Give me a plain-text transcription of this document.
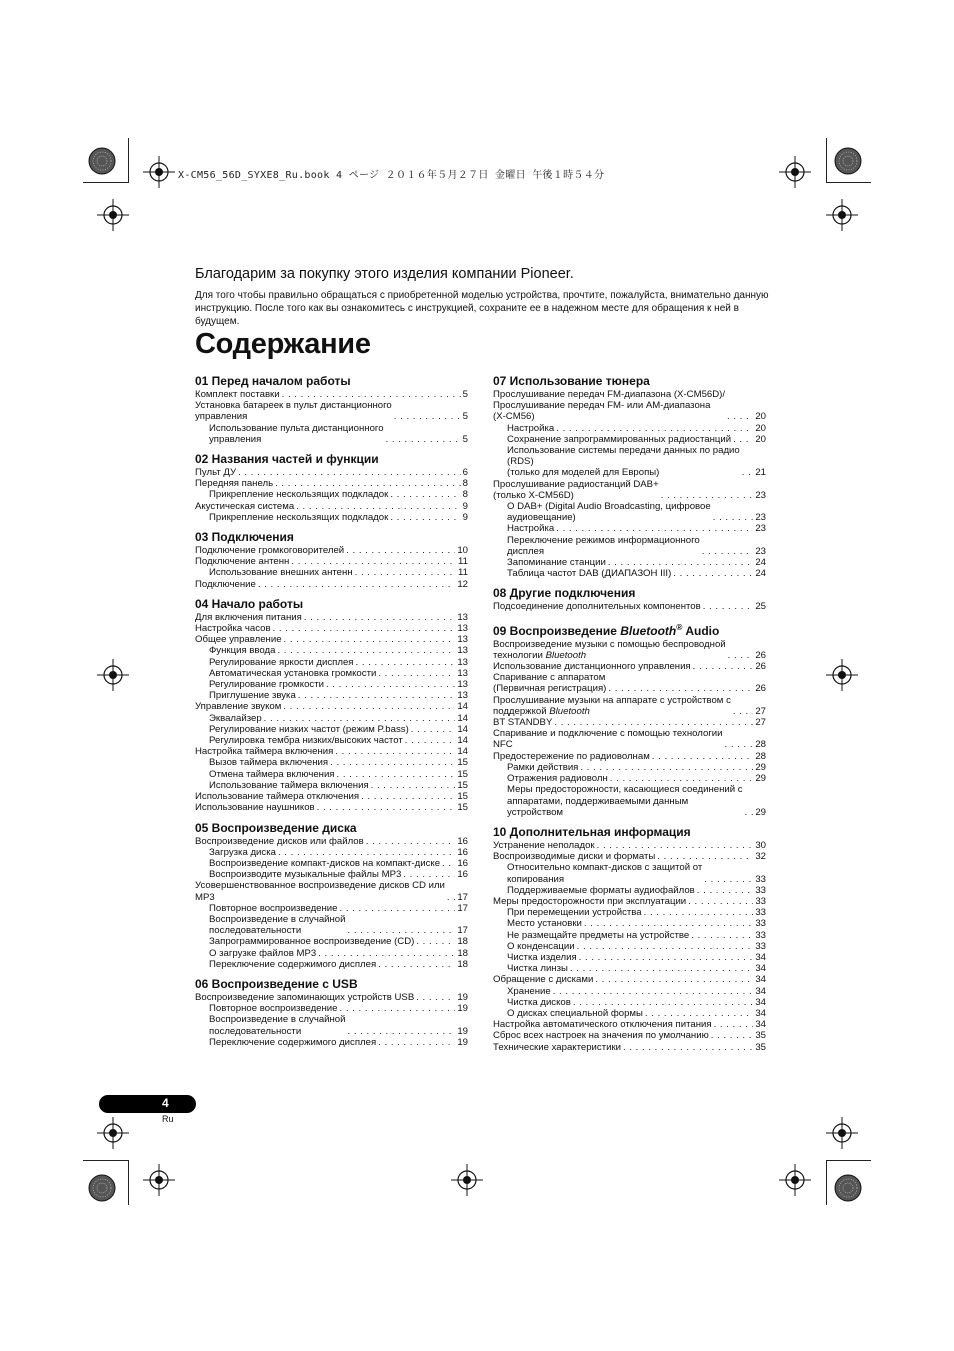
X-CM56_56D_SYXE8_Ru.book 4 ページ ２０１６年５月２７日 金曜日 午後１時５４分
Благодарим за покупку этого изделия компании Pioneer.
Для того чтобы правильно обращаться с приобретенной моделью устройства, прочтите, пожалуйста, внимательно данную инструкцию. После того как вы ознакомитесь с инструкцией, сохраните ее в надежном месте для обращения к ней в будущем.
Содержание
01 Перед началом работы
Комплект поставки . . .	5
Установка батареек в пульт дистанционного
управления . . .	5
Использование пульта дистанционного
управления . . .	5
02 Названия частей и функции
Пульт ДУ . . .	6
Передняя панель . . .	8
Прикрепление нескользящих подкладок . . .	8
Акустическая система . . .	9
Прикрепление нескользящих подкладок . . .	9
03 Подключения
Подключение громкоговорителей . . .	10
Подключение антенн . . .	11
Использование внешних антенн . . .	11
Подключение . . .	12
04 Начало работы
Для включения питания . . .	13
Настройка часов . . .	13
Общее управление . . .	13
Функция ввода . . .	13
Регулирование яркости дисплея . . .	13
Автоматическая установка громкости . . .	13
Регулирование громкости . . .	13
Приглушение звука . . .	13
Управление звуком . . .	14
Эквалайзер . . .	14
Регулирование низких частот (режим P.bass) . . .	14
Регулировка тембра низких/высоких частот . . .	14
Настройка таймера включения . . .	14
Вызов таймера включения . . .	15
Отмена таймера включения . . .	15
Использование таймера включения . . .	15
Использование таймера отключения . . .	15
Использование наушников . . .	15
05 Воспроизведение диска
Воспроизведение дисков или файлов . . .	16
Загрузка диска . . .	16
Воспроизведение компакт-дисков на компакт-диске . . . 16
Воспроизводите музыкальные файлы MP3 . . .	16
Усовершенствованное воспроизведение дисков CD или
MP3 . . .	17
Повторное воспроизведение . . .	17
Воспроизведение в случайной
последовательности . . .	17
Запрограммированное воспроизведение (CD) . . .	18
О загрузке файлов MP3 . . .	18
Переключение содержимого дисплея . . .	18
06 Воспроизведение с USB
Воспроизведение запоминающих устройств USB . . .	19
Повторное воспроизведение . . .	19
Воспроизведение в случайной
последовательности . . .	19
Переключение содержимого дисплея . . .	19
07 Использование тюнера
Прослушивание передач FM-диапазона (X-CM56D)/
Прослушивание передач FM- или AM-диапазона
(X-CM56) . . .	20
Настройка . . .	20
Сохранение запрограммированных радиостанций . . .	20
Использование системы передачи данных по радио
(RDS)
(только для моделей для Европы) . . .	21
Прослушивание радиостанций DAB+
(только X-CM56D) . . .	23
О DAB+ (Digital Audio Broadcasting, цифровое
аудиовещание) . . .	23
Настройка . . .	23
Переключение режимов информационного
дисплея . . .	23
Запоминание станции . . .	24
Таблица частот DAB (ДИАПАЗОН III) . . .	24
08 Другие подключения
Подсоединение дополнительных компонентов . . .	25
09 Воспроизведение Bluetooth® Audio
Воспроизведение музыки с помощью беспроводной
технологии Bluetooth . . .	26
Использование дистанционного управления . . .	26
Спаривание с аппаратом
(Первичная регистрация) . . .	26
Прослушивание музыки на аппарате с устройством с
поддержкой Bluetooth . . .	27
BT STANDBY . . .	27
Спаривание и подключение с помощью технологии
NFC . . .	28
Предостережение по радиоволнам . . .	28
Рамки действия . . .	29
Отражения радиоволн . . .	29
Меры предосторожности, касающиеся соединений с
аппаратами, поддерживаемыми данным
устройством . . .	29
10 Дополнительная информация
Устранение неполадок . . .	30
Воспроизводимые диски и форматы . . .	32
Относительно компакт-дисков с защитой от
копирования . . .	33
Поддерживаемые форматы аудиофайлов . . .	33
Меры предосторожности при эксплуатации . . .	33
При перемещении устройства . . .	33
Место установки . . .	33
Не размещайте предметы на устройстве . . .	33
О конденсации . . .	33
Чистка изделия . . .	34
Чистка линзы . . .	34
Обращение с дисками . . .	34
Хранение . . .	34
Чистка дисков . . .	34
О дисках специальной формы . . .	34
Настройка автоматического отключения питания . . .	34
Сброс всех настроек на значения по умолчанию . . .	35
Технические характеристики . . .	35
4
Ru
